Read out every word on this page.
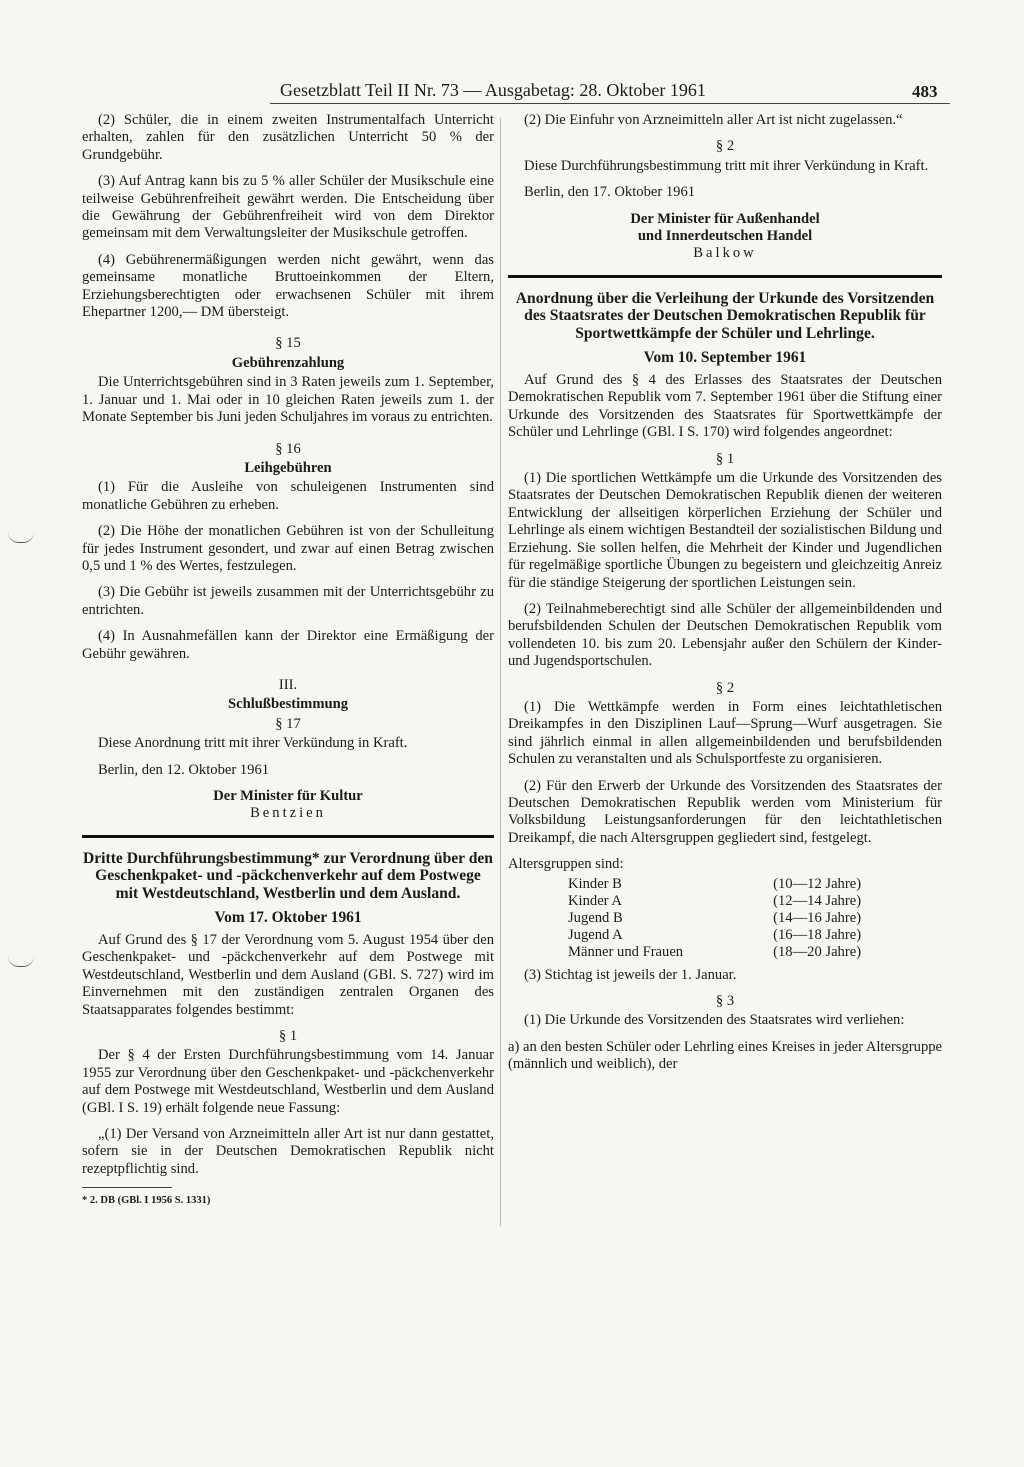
Gesetzblatt Teil II Nr. 73 — Ausgabetag: 28. Oktober 1961	483

(2) Schüler, die in einem zweiten Instrumentalfach Unterricht erhalten, zahlen für den zusätzlichen Unterricht 50 % der Grundgebühr.

(3) Auf Antrag kann bis zu 5 % aller Schüler der Musikschule eine teilweise Gebührenfreiheit gewährt werden. Die Entscheidung über die Gewährung der Gebührenfreiheit wird von dem Direktor gemeinsam mit dem Verwaltungsleiter der Musikschule getroffen.

(4) Gebührenermäßigungen werden nicht gewährt, wenn das gemeinsame monatliche Bruttoeinkommen der Eltern, Erziehungsberechtigten oder erwachsenen Schüler mit ihrem Ehepartner 1200,— DM übersteigt.

§ 15
Gebührenzahlung

Die Unterrichtsgebühren sind in 3 Raten jeweils zum 1. September, 1. Januar und 1. Mai oder in 10 gleichen Raten jeweils zum 1. der Monate September bis Juni jeden Schuljahres im voraus zu entrichten.

§ 16
Leihgebühren

(1) Für die Ausleihe von schuleigenen Instrumenten sind monatliche Gebühren zu erheben.

(2) Die Höhe der monatlichen Gebühren ist von der Schulleitung für jedes Instrument gesondert, und zwar auf einen Betrag zwischen 0,5 und 1 % des Wertes, festzulegen.

(3) Die Gebühr ist jeweils zusammen mit der Unterrichtsgebühr zu entrichten.

(4) In Ausnahmefällen kann der Direktor eine Ermäßigung der Gebühr gewähren.

III.
Schlußbestimmung
§ 17

Diese Anordnung tritt mit ihrer Verkündung in Kraft.

Berlin, den 12. Oktober 1961

Der Minister für Kultur
Bentzien
Dritte Durchführungsbestimmung* zur Verordnung über den Geschenkpaket- und -päckchenverkehr auf dem Postwege mit Westdeutschland, Westberlin und dem Ausland.
Vom 17. Oktober 1961

Auf Grund des § 17 der Verordnung vom 5. August 1954 über den Geschenkpaket- und -päckchenverkehr auf dem Postwege mit Westdeutschland, Westberlin und dem Ausland (GBl. S. 727) wird im Einvernehmen mit den zuständigen zentralen Organen des Staatsapparates folgendes bestimmt:

§ 1

Der § 4 der Ersten Durchführungsbestimmung vom 14. Januar 1955 zur Verordnung über den Geschenkpaket- und -päckchenverkehr auf dem Postwege mit Westdeutschland, Westberlin und dem Ausland (GBl. I S. 19) erhält folgende neue Fassung:

„(1) Der Versand von Arzneimitteln aller Art ist nur dann gestattet, sofern sie in der Deutschen Demokratischen Republik nicht rezeptpflichtig sind.

* 2. DB (GBl. I 1956 S. 1331)

(2) Die Einfuhr von Arzneimitteln aller Art ist nicht zugelassen.“

§ 2

Diese Durchführungsbestimmung tritt mit ihrer Verkündung in Kraft.

Berlin, den 17. Oktober 1961

Der Minister für Außenhandel
und Innerdeutschen Handel
Balkow
Anordnung über die Verleihung der Urkunde des Vorsitzenden des Staatsrates der Deutschen Demokratischen Republik für Sportwettkämpfe der Schüler und Lehrlinge.
Vom 10. September 1961

Auf Grund des § 4 des Erlasses des Staatsrates der Deutschen Demokratischen Republik vom 7. September 1961 über die Stiftung einer Urkunde des Vorsitzenden des Staatsrates für Sportwettkämpfe der Schüler und Lehrlinge (GBl. I S. 170) wird folgendes angeordnet:

§ 1

(1) Die sportlichen Wettkämpfe um die Urkunde des Vorsitzenden des Staatsrates der Deutschen Demokratischen Republik dienen der weiteren Entwicklung der allseitigen körperlichen Erziehung der Schüler und Lehrlinge als einem wichtigen Bestandteil der sozialistischen Bildung und Erziehung. Sie sollen helfen, die Mehrheit der Kinder und Jugendlichen für regelmäßige sportliche Übungen zu begeistern und gleichzeitig Anreiz für die ständige Steigerung der sportlichen Leistungen sein.

(2) Teilnahmeberechtigt sind alle Schüler der allgemeinbildenden und berufsbildenden Schulen der Deutschen Demokratischen Republik vom vollendeten 10. bis zum 20. Lebensjahr außer den Schülern der Kinder- und Jugendsportschulen.

§ 2

(1) Die Wettkämpfe werden in Form eines leichtathletischen Dreikampfes in den Disziplinen Lauf—Sprung—Wurf ausgetragen. Sie sind jährlich einmal in allen allgemeinbildenden und berufsbildenden Schulen zu veranstalten und als Schulsportfeste zu organisieren.

(2) Für den Erwerb der Urkunde des Vorsitzenden des Staatsrates der Deutschen Demokratischen Republik werden vom Ministerium für Volksbildung Leistungsanforderungen für den leichtathletischen Dreikampf, die nach Altersgruppen gegliedert sind, festgelegt.

Altersgruppen sind:

Kinder B	(10—12 Jahre)
Kinder A	(12—14 Jahre)
Jugend B	(14—16 Jahre)
Jugend A	(16—18 Jahre)
Männer und Frauen	(18—20 Jahre)

(3) Stichtag ist jeweils der 1. Januar.

§ 3

(1) Die Urkunde des Vorsitzenden des Staatsrates wird verliehen:

a) an den besten Schüler oder Lehrling eines Kreises in jeder Altersgruppe (männlich und weiblich), der
